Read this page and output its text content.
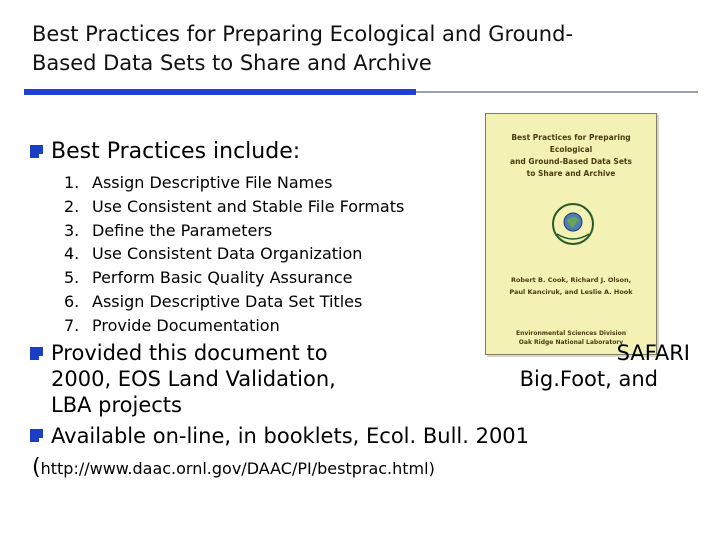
Best Practices for Preparing Ecological and Ground-
Based Data Sets to Share and Archive
Best Practices for Preparing Ecological
and Ground-Based Data Sets
to Share and Archive
Robert B. Cook, Richard J. Olson,
Paul Kanciruk, and Leslie A. Hook
Environmental Sciences Division
Oak Ridge National Laboratory
Best Practices include:
1. Assign Descriptive File Names
2. Use Consistent and Stable File Formats
3. Define the Parameters
4. Use Consistent Data Organization
5. Perform Basic Quality Assurance
6. Assign Descriptive Data Set Titles
7. Provide Documentation
Provided this document to	SAFARI
2000, EOS Land Validation,	Big.Foot, and
LBA projects
Available on-line, in booklets, Ecol. Bull. 2001
(http://www.daac.ornl.gov/DAAC/PI/bestprac.html)
